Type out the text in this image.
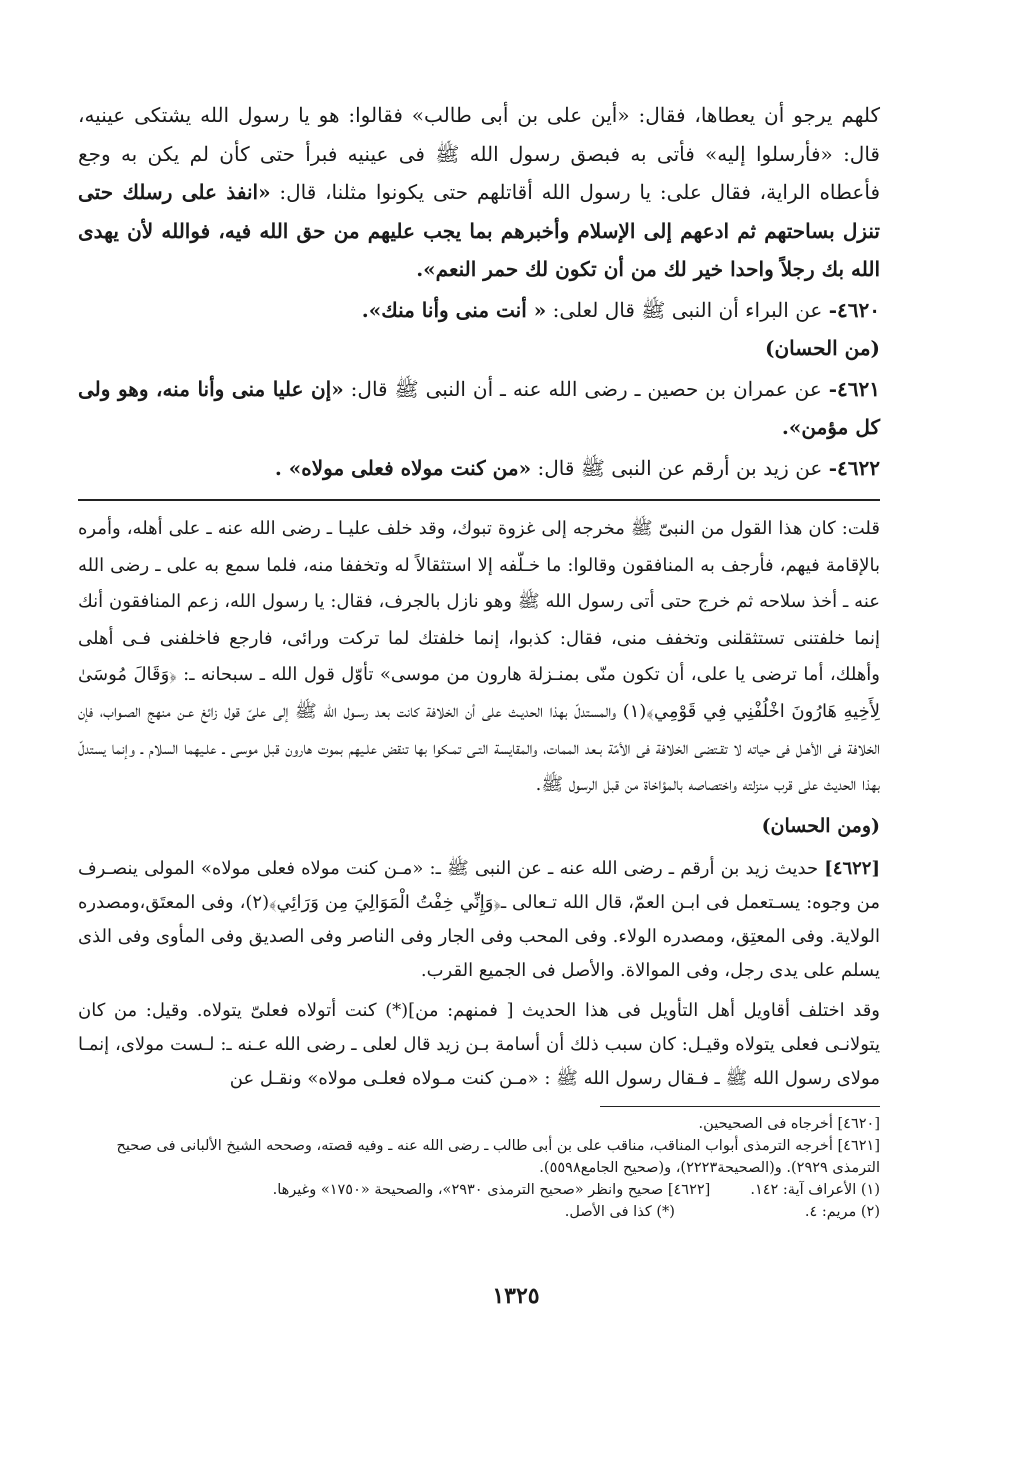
كلهم يرجو أن يعطاها، فقال: «أين على بن أبى طالب» فقالوا: هو يا رسول الله يشتكى عينيه، قال: «فأرسلوا إليه» فأتى به فبصق رسول الله ﷺ فى عينيه فبرأ حتى كأن لم يكن به وجع فأعطاه الراية، فقال على: يا رسول الله أقاتلهم حتى يكونوا مثلنا، قال: «انفذ على رسلك حتى تنزل بساحتهم ثم ادعهم إلى الإسلام وأخبرهم بما يجب عليهم من حق الله فيه، فوالله لأن يهدى الله بك رجلاً واحدا خير لك من أن تكون لك حمر النعم».

٤٦٢٠- عن البراء أن النبى ﷺ قال لعلى: « أنت منى وأنا منك».

(من الحسان)

٤٦٢١- عن عمران بن حصين ـ رضى الله عنه ـ أن النبى ﷺ قال: «إن عليا منى وأنا منه، وهو ولى كل مؤمن».

٤٦٢٢- عن زيد بن أرقم عن النبى ﷺ قال: «من كنت مولاه فعلى مولاه» .

قلت: كان هذا القول من النبىّ ﷺ مخرجه إلى غزوة تبوك، وقد خلف عليـا ـ رضى الله عنه ـ على أهله، وأمره بالإقامة فيهم، فأرجف به المنافقون وقالوا: ما خـلّفه إلا استثقالاً له وتخففا منه، فلما سمع به على ـ رضى الله عنه ـ أخذ سلاحه ثم خرج حتى أتى رسول الله ﷺ وهو نازل بالجرف، فقال: يا رسول الله، زعم المنافقون أنك إنما خلفتنى تستثقلنى وتخفف منى، فقال: كذبوا، إنما خلفتك لما تركت ورائى، فارجع فاخلفنى فـى أهلى وأهلك، أما ترضى يا على، أن تكون منّى بمنـزلة هارون من موسى» تأوّل قول الله ـ سبحانه ـ: ﴿وَقَالَ مُوسَىٰ لِأَخِيهِ هَارُونَ اخْلُفْنِي فِي قَوْمِي﴾(١) والمستدلّ بهذا الحديـث على أن الخلافة كانت بعد رسـول الله ﷺ إلى علىّ قول زائغ عـن منهج الصـواب، فإن الخلافة فى الأهـل فى حياته لا تقـتضى الخلافة فى الأمّة بـعد الممات، والمقايسة التـى تمـكوا بها تنقض علـيهم بموت هارون قبل موسى ـ علـيهما السلام ـ وإنما يستدلّ بهذا الحديث على قرب منزلته واختصاصه بالمؤاخاة من قبل الرسول ﷺ.

(ومن الحسان)

[٤٦٢٢] حديث زيد بن أرقم ـ رضى الله عنه ـ عن النبى ﷺ ـ: «مـن كنت مولاه فعلى مولاه» المولى ينصـرف من وجوه: يسـتعمل فى ابـن العمّ، قال الله تـعالى ـ﴿وَإِنِّي خِفْتُ الْمَوَالِيَ مِن وَرَائِي﴾(٢)، وفى المعتَق،ومصدره الولاية. وفى المعتِق، ومصدره الولاء. وفى المحب وفى الجار وفى الناصر وفى الصديق وفى المأوى وفى الذى يسلم على يدى رجل، وفى الموالاة. والأصل فى الجميع القرب.

وقد اختلف أقاويل أهل التأويل فى هذا الحديث [ فمنهم: من](*) كنت أتولاه فعلىّ يتولاه. وقيل: من كان يتولانـى فعلى يتولاه وقيـل: كان سبب ذلك أن أسامة بـن زيد قال لعلى ـ رضى الله عـنه ـ: لـست مولاى، إنمـا مولاى رسول الله ﷺ ـ فـقال رسول الله ﷺ : «مـن كنت مـولاه فعلـى مولاه» ونقـل عن

[٤٦٢٠] أخرجاه فى الصحيحين.

[٤٦٢١] أخرجه الترمذى أبواب المناقب، مناقب على بن أبى طالب ـ رضى الله عنه ـ وفيه قصته، وصححه الشيخ الألبانى فى صحيح الترمذى ٢٩٢٩). و(الصحيحة٢٢٢٣)، و(صحيح الجامع٥٥٩٨).

(١) الأعراف آية: ١٤٢.
[٤٦٢٢] صحيح وانظر «صحيح الترمذى ٢٩٣٠»، والصحيحة «١٧٥٠» وغيرها.
(٢) مريم: ٤.
(*) كذا فى الأصل.
١٣٢٥
